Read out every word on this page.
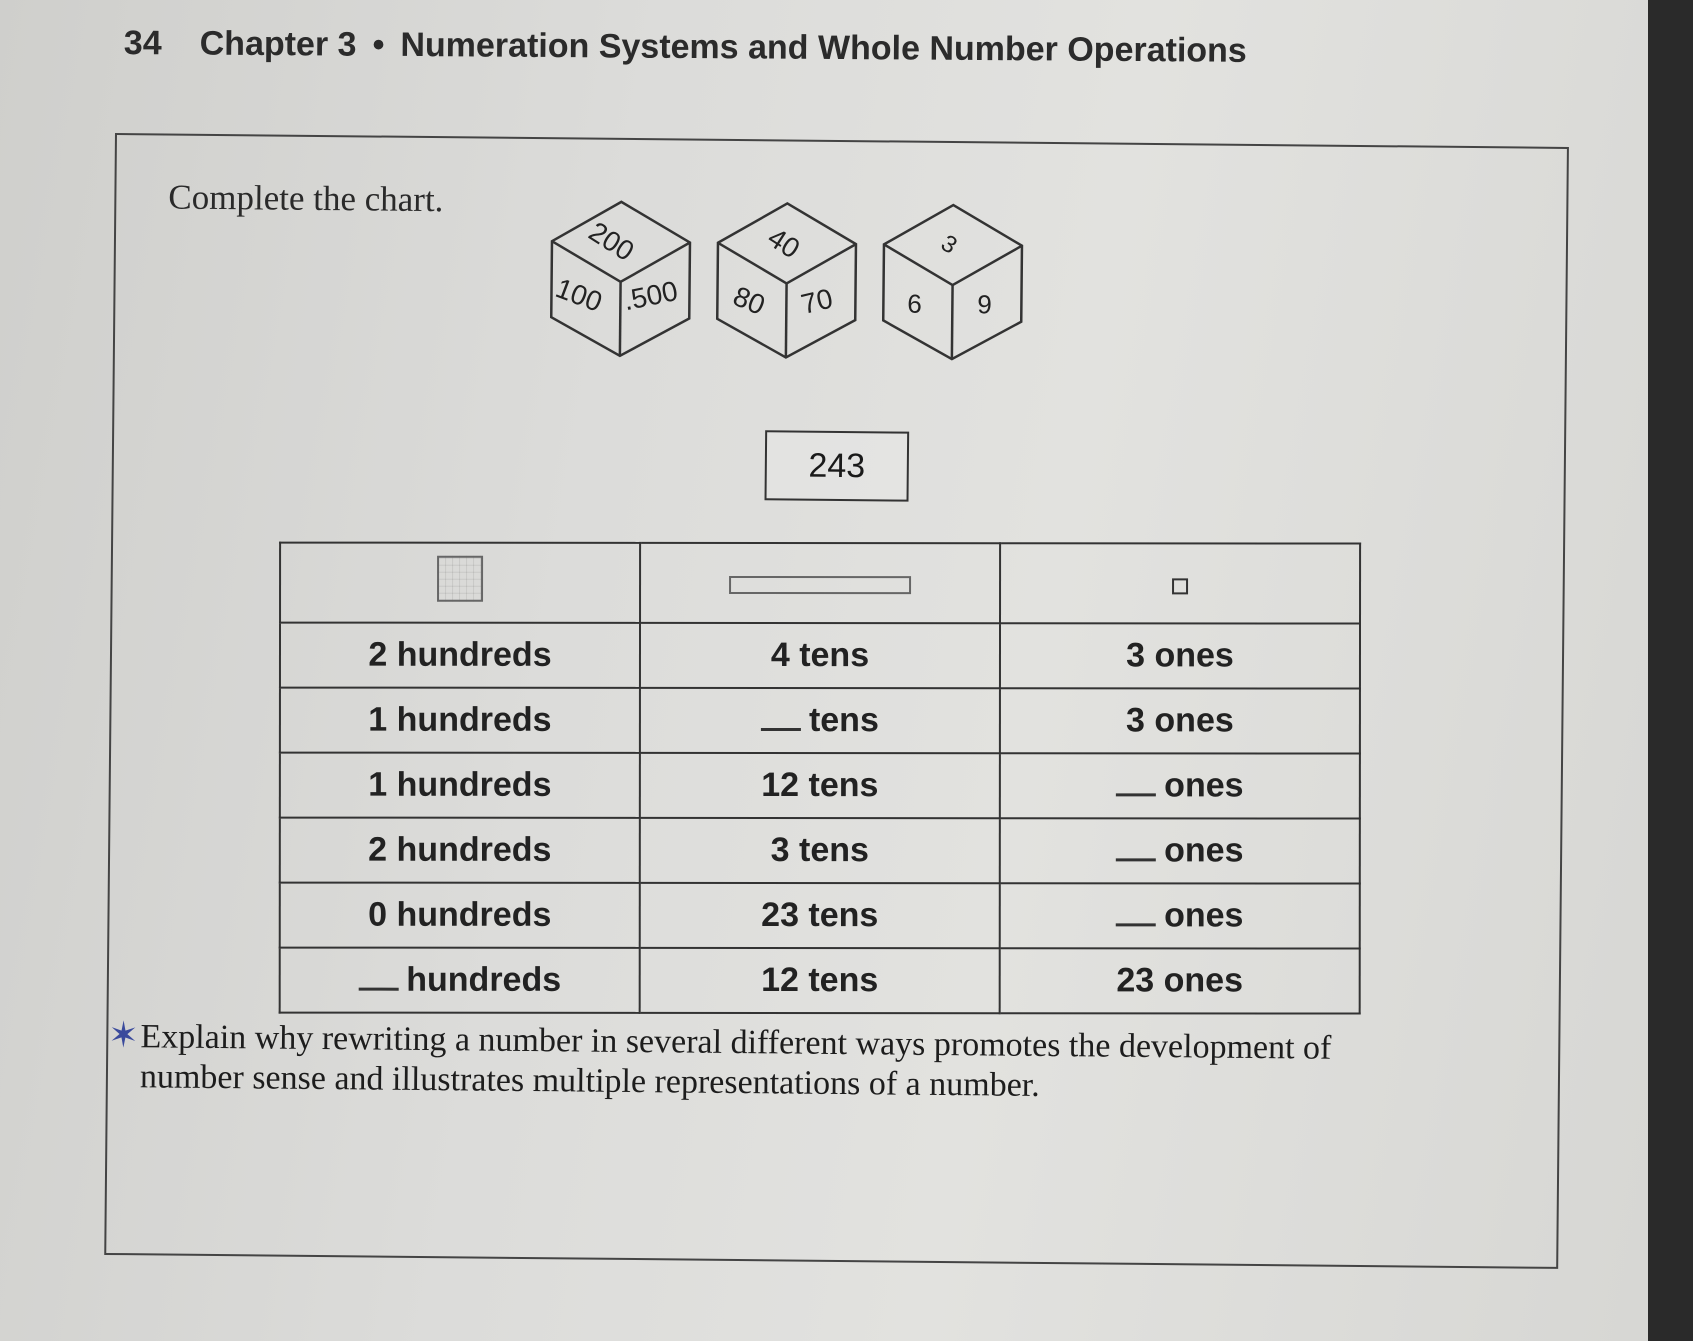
34 Chapter 3 • Numeration Systems and Whole Number Operations
Complete the chart.
200
100 .500
40
80 70
3
6 9
243

2 hundreds	4 tens	3 ones
1 hundreds	tens	3 ones
1 hundreds	12 tens	ones
2 hundreds	3 tens	ones
0 hundreds	23 tens	ones
hundreds	12 tens	23 ones
✶Explain why rewriting a number in several different ways promotes the development of
number sense and illustrates multiple representations of a number.
